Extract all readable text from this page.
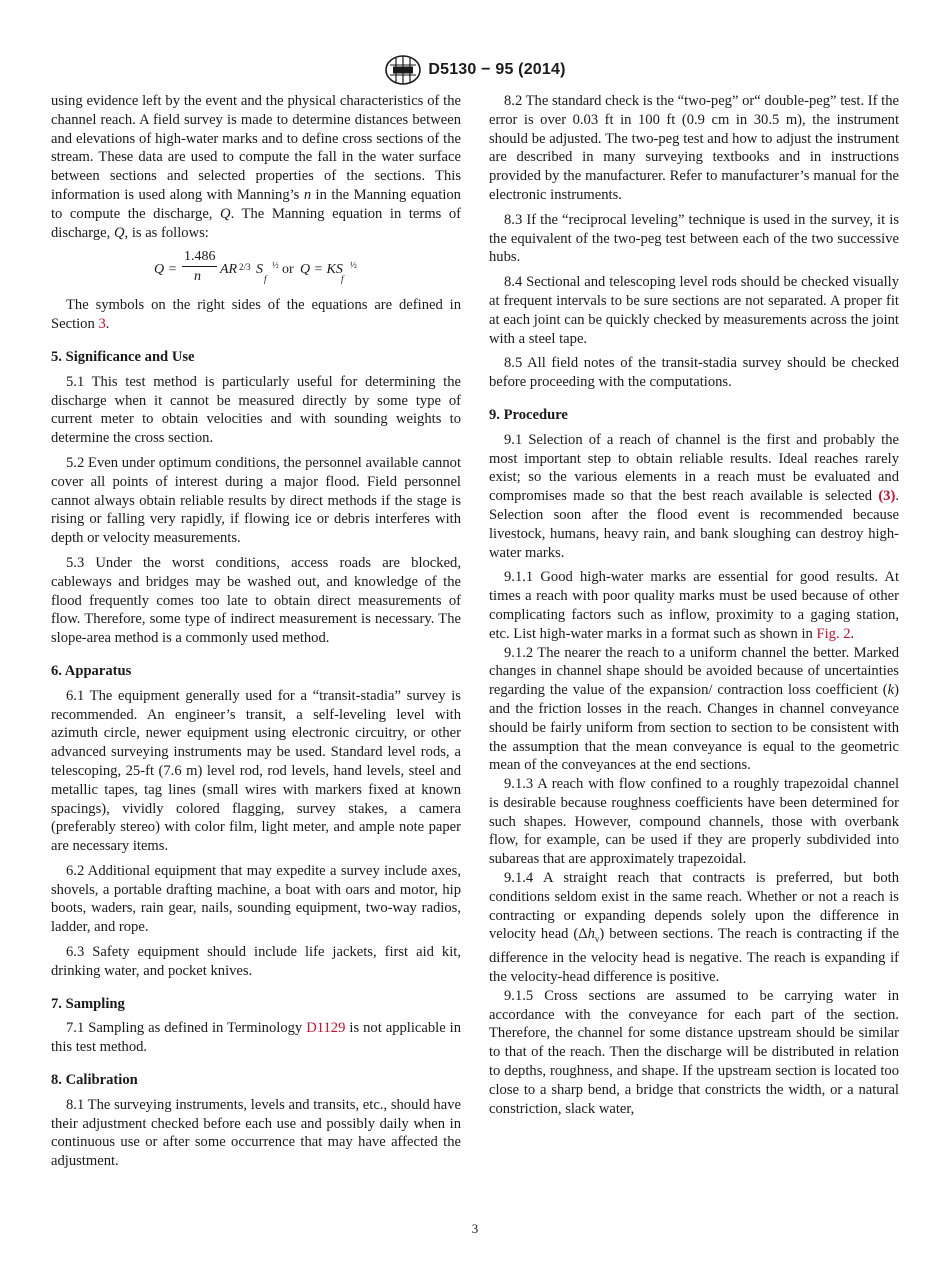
D5130 − 95 (2014)

using evidence left by the event and the physical characteristics of the channel reach. A field survey is made to determine distances between and elevations of high-water marks and to define cross sections of the stream. These data are used to compute the fall in the water surface between sections and selected properties of the sections. This information is used along with Manning’s n in the Manning equation to compute the discharge, Q. The Manning equation in terms of discharge, Q, is as follows:

Q =
1.486
n AR 2/3 S
f
½ or Q = KS
f
½

The symbols on the right sides of the equations are defined in Section 3.

5. Significance and Use

5.1 This test method is particularly useful for determining the discharge when it cannot be measured directly by some type of current meter to obtain velocities and with sounding weights to determine the cross section.

5.2 Even under optimum conditions, the personnel available cannot cover all points of interest during a major flood. Field personnel cannot always obtain reliable results by direct methods if the stage is rising or falling very rapidly, if flowing ice or debris interferes with depth or velocity measurements.

5.3 Under the worst conditions, access roads are blocked, cableways and bridges may be washed out, and knowledge of the flood frequently comes too late to obtain direct measurements of flow. Therefore, some type of indirect measurement is necessary. The slope-area method is a commonly used method.

6. Apparatus

6.1 The equipment generally used for a “transit-stadia” survey is recommended. An engineer’s transit, a self-leveling level with azimuth circle, newer equipment using electronic circuitry, or other advanced surveying instruments may be used. Standard level rods, a telescoping, 25-ft (7.6 m) level rod, rod levels, hand levels, steel and metallic tapes, tag lines (small wires with markers fixed at known spacings), vividly colored flagging, survey stakes, a camera (preferably stereo) with color film, light meter, and ample note paper are necessary items.

6.2 Additional equipment that may expedite a survey include axes, shovels, a portable drafting machine, a boat with oars and motor, hip boots, waders, rain gear, nails, sounding equipment, two-way radios, ladder, and rope.

6.3 Safety equipment should include life jackets, first aid kit, drinking water, and pocket knives.

7. Sampling

7.1 Sampling as defined in Terminology D1129 is not applicable in this test method.

8. Calibration

8.1 The surveying instruments, levels and transits, etc., should have their adjustment checked before each use and possibly daily when in continuous use or after some occurrence that may have affected the adjustment.

8.2 The standard check is the “two-peg” or“ double-peg” test. If the error is over 0.03 ft in 100 ft (0.9 cm in 30.5 m), the instrument should be adjusted. The two-peg test and how to adjust the instrument are described in many surveying textbooks and in instructions provided by the manufacturer. Refer to manufacturer’s manual for the electronic instruments.

8.3 If the “reciprocal leveling” technique is used in the survey, it is the equivalent of the two-peg test between each of the two successive hubs.

8.4 Sectional and telescoping level rods should be checked visually at frequent intervals to be sure sections are not separated. A proper fit at each joint can be quickly checked by measurements across the joint with a steel tape.

8.5 All field notes of the transit-stadia survey should be checked before proceeding with the computations.

9. Procedure

9.1 Selection of a reach of channel is the first and probably the most important step to obtain reliable results. Ideal reaches rarely exist; so the various elements in a reach must be evaluated and compromises made so that the best reach available is selected (3). Selection soon after the flood event is recommended because livestock, humans, heavy rain, and bank sloughing can destroy high-water marks.

9.1.1 Good high-water marks are essential for good results. At times a reach with poor quality marks must be used because of other complicating factors such as inflow, proximity to a gaging station, etc. List high-water marks in a format such as shown in Fig. 2.

9.1.2 The nearer the reach to a uniform channel the better. Marked changes in channel shape should be avoided because of uncertainties regarding the value of the expansion/ contraction loss coefficient (k) and the friction losses in the reach. Changes in channel conveyance should be fairly uniform from section to section to be consistent with the assumption that the mean conveyance is equal to the geometric mean of the conveyances at the end sections.

9.1.3 A reach with flow confined to a roughly trapezoidal channel is desirable because roughness coefficients have been determined for such shapes. However, compound channels, those with overbank flow, for example, can be used if they are properly subdivided into subareas that are approximately trapezoidal.

9.1.4 A straight reach that contracts is preferred, but both conditions seldom exist in the same reach. Whether or not a reach is contracting or expanding depends solely upon the difference in velocity head $(\Delta h_v)$ between sections. The reach is contracting if the difference in the velocity head is negative. The reach is expanding if the velocity-head difference is positive.

9.1.5 Cross sections are assumed to be carrying water in accordance with the conveyance for each part of the section. Therefore, the channel for some distance upstream should be similar to that of the reach. Then the discharge will be distributed in relation to depths, roughness, and shape. If the upstream section is located too close to a sharp bend, a bridge that constricts the width, or a natural constriction, slack water,

3
